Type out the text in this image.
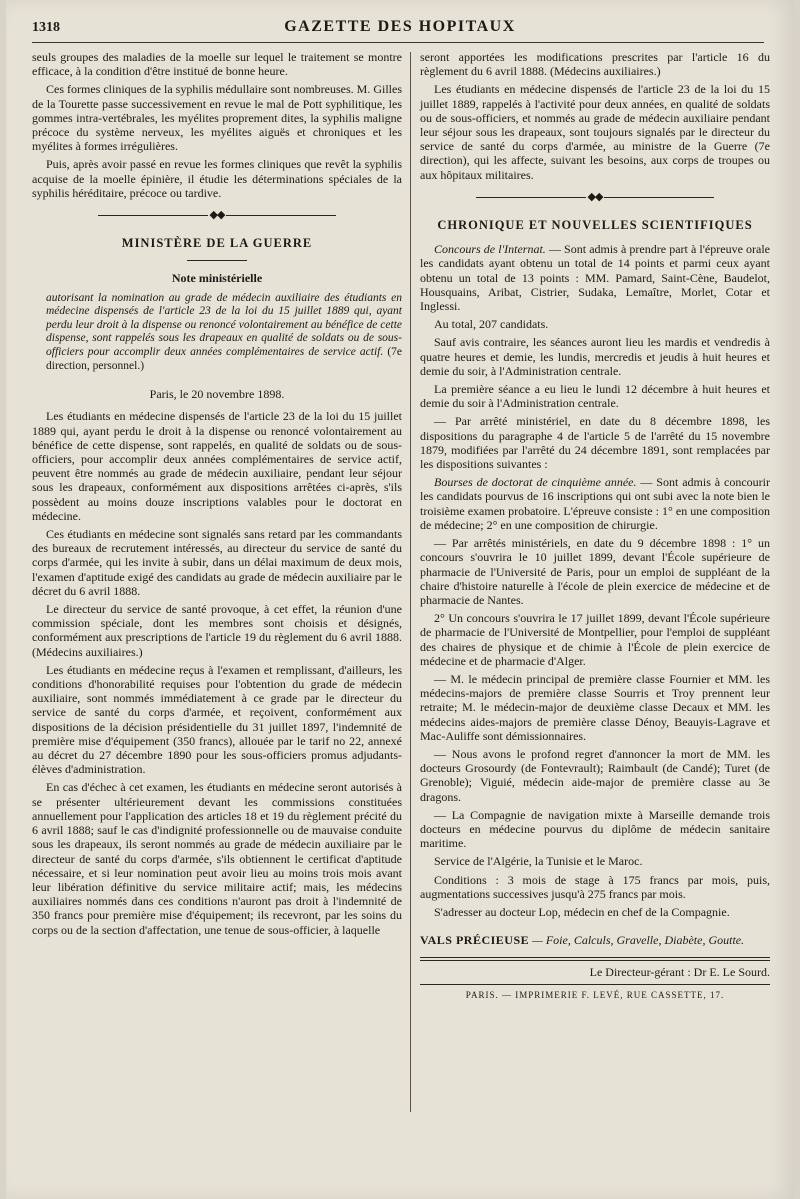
1318	GAZETTE DES HOPITAUX

seuls groupes des maladies de la moelle sur lequel le traitement se montre efficace, à la condition d'être institué de bonne heure.

Ces formes cliniques de la syphilis médullaire sont nombreuses. M. Gilles de la Tourette passe successivement en revue le mal de Pott syphilitique, les gommes intra-vertébrales, les myélites proprement dites, la syphilis maligne précoce du système nerveux, les myélites aiguës et chroniques et les myélites à formes irrégulières.

Puis, après avoir passé en revue les formes cliniques que revêt la syphilis acquise de la moelle épinière, il étudie les déterminations spéciales de la syphilis héréditaire, précoce ou tardive.

◆◆
MINISTÈRE DE LA GUERRE
Note ministérielle

autorisant la nomination au grade de médecin auxiliaire des étudiants en médecine dispensés de l'article 23 de la loi du 15 juillet 1889 qui, ayant perdu leur droit à la dispense ou renoncé volontairement au bénéfice de cette dispense, sont rappelés sous les drapeaux en qualité de soldats ou de sous-officiers pour accomplir deux années complémentaires de service actif. (7e direction, personnel.)

Paris, le 20 novembre 1898.

Les étudiants en médecine dispensés de l'article 23 de la loi du 15 juillet 1889 qui, ayant perdu le droit à la dispense ou renoncé volontairement au bénéfice de cette dispense, sont rappelés, en qualité de soldats ou de sous-officiers, pour accomplir deux années complémentaires de service actif, peuvent être nommés au grade de médecin auxiliaire, pendant leur séjour sous les drapeaux, conformément aux dispositions arrêtées ci-après, s'ils possèdent au moins douze inscriptions valables pour le doctorat en médecine.

Ces étudiants en médecine sont signalés sans retard par les commandants des bureaux de recrutement intéressés, au directeur du service de santé du corps d'armée, qui les invite à subir, dans un délai maximum de deux mois, l'examen d'aptitude exigé des candidats au grade de médecin auxiliaire par le décret du 6 avril 1888.

Le directeur du service de santé provoque, à cet effet, la réunion d'une commission spéciale, dont les membres sont choisis et désignés, conformément aux prescriptions de l'article 19 du règlement du 6 avril 1888. (Médecins auxiliaires.)

Les étudiants en médecine reçus à l'examen et remplissant, d'ailleurs, les conditions d'honorabilité requises pour l'obtention du grade de médecin auxiliaire, sont nommés immédiatement à ce grade par le directeur du service de santé du corps d'armée, et reçoivent, conformément aux dispositions de la décision présidentielle du 31 juillet 1897, l'indemnité de première mise d'équipement (350 francs), allouée par le tarif no 22, annexé au décret du 27 décembre 1890 pour les sous-officiers promus adjudants-élèves d'administration.

En cas d'échec à cet examen, les étudiants en médecine seront autorisés à se présenter ultérieurement devant les commissions constituées annuellement pour l'application des articles 18 et 19 du règlement précité du 6 avril 1888; sauf le cas d'indignité professionnelle ou de mauvaise conduite sous les drapeaux, ils seront nommés au grade de médecin auxiliaire par le directeur de santé du corps d'armée, s'ils obtiennent le certificat d'aptitude nécessaire, et si leur nomination peut avoir lieu au moins trois mois avant leur libération définitive du service militaire actif; mais, les médecins auxiliaires nommés dans ces conditions n'auront pas droit à l'indemnité de 350 francs pour première mise d'équipement; ils recevront, par les soins du corps ou de la section d'affectation, une tenue de sous-officier, à laquelle

seront apportées les modifications prescrites par l'article 16 du règlement du 6 avril 1888. (Médecins auxiliaires.)

Les étudiants en médecine dispensés de l'article 23 de la loi du 15 juillet 1889, rappelés à l'activité pour deux années, en qualité de soldats ou de sous-officiers, et nommés au grade de médecin auxiliaire pendant leur séjour sous les drapeaux, sont toujours signalés par le directeur du service de santé du corps d'armée, au ministre de la Guerre (7e direction), qui les affecte, suivant les besoins, aux corps de troupes ou aux hôpitaux militaires.

◆◆
CHRONIQUE ET NOUVELLES SCIENTIFIQUES

Concours de l'Internat. — Sont admis à prendre part à l'épreuve orale les candidats ayant obtenu un total de 14 points et parmi ceux ayant obtenu un total de 13 points : MM. Pamard, Saint-Cène, Baudelot, Housquains, Aribat, Cistrier, Sudaka, Lemaître, Morlet, Cotar et Inglessi.

Au total, 207 candidats.

Sauf avis contraire, les séances auront lieu les mardis et vendredis à quatre heures et demie, les lundis, mercredis et jeudis à huit heures et demie du soir, à l'Administration centrale.

La première séance a eu lieu le lundi 12 décembre à huit heures et demie du soir à l'Administration centrale.

— Par arrêté ministériel, en date du 8 décembre 1898, les dispositions du paragraphe 4 de l'article 5 de l'arrêté du 15 novembre 1879, modifiées par l'arrêté du 24 décembre 1891, sont remplacées par les dispositions suivantes :

Bourses de doctorat de cinquième année. — Sont admis à concourir les candidats pourvus de 16 inscriptions qui ont subi avec la note bien le troisième examen probatoire. L'épreuve consiste : 1° en une composition de médecine; 2° en une composition de chirurgie.

— Par arrêtés ministériels, en date du 9 décembre 1898 : 1° un concours s'ouvrira le 10 juillet 1899, devant l'École supérieure de pharmacie de l'Université de Paris, pour un emploi de suppléant de la chaire d'histoire naturelle à l'école de plein exercice de médecine et de pharmacie de Nantes.

2° Un concours s'ouvrira le 17 juillet 1899, devant l'École supérieure de pharmacie de l'Université de Montpellier, pour l'emploi de suppléant des chaires de physique et de chimie à l'École de plein exercice de médecine et de pharmacie d'Alger.

— M. le médecin principal de première classe Fournier et MM. les médecins-majors de première classe Sourris et Troy prennent leur retraite; M. le médecin-major de deuxième classe Decaux et MM. les médecins aides-majors de première classe Dénoy, Beauyis-Lagrave et Mac-Auliffe sont démissionnaires.

— Nous avons le profond regret d'annoncer la mort de MM. les docteurs Grosourdy (de Fontevrault); Raimbault (de Candé); Turet (de Grenoble); Viguié, médecin aide-major de première classe au 3e dragons.

— La Compagnie de navigation mixte à Marseille demande trois docteurs en médecine pourvus du diplôme de médecin sanitaire maritime.

Service de l'Algérie, la Tunisie et le Maroc.

Conditions : 3 mois de stage à 175 francs par mois, puis, augmentations successives jusqu'à 275 francs par mois.

S'adresser au docteur Lop, médecin en chef de la Compagnie.

VALS PRÉCIEUSE — Foie, Calculs, Gravelle, Diabète, Goutte.

Le Directeur-gérant : Dr E. Le Sourd.

PARIS. — IMPRIMERIE F. LEVÉ, RUE CASSETTE, 17.
